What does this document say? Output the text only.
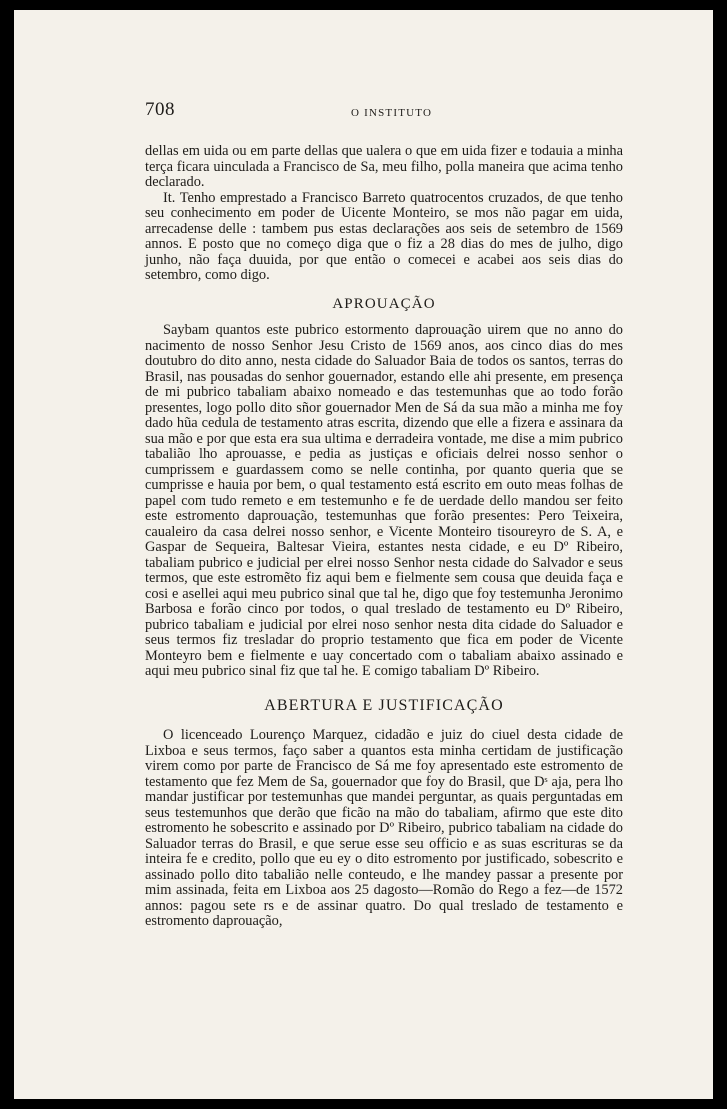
708	O INSTITUTO

dellas em uida ou em parte dellas que ualera o que em uida fizer e todauia a minha terça ficara uinculada a Francisco de Sa, meu filho, polla maneira que acima tenho declarado.

It. Tenho emprestado a Francisco Barreto quatrocentos cruzados, de que tenho seu conhecimento em poder de Uicente Monteiro, se mos não pagar em uida, arrecadense delle : tambem pus estas declarações aos seis de setembro de 1569 annos. E posto que no começo diga que o fiz a 28 dias do mes de julho, digo junho, não faça duuida, por que então o comecei e acabei aos seis dias do setembro, como digo.

APROUAÇÃO

Saybam quantos este pubrico estormento daprouação uirem que no anno do nacimento de nosso Senhor Jesu Cristo de 1569 anos, aos cinco dias do mes doutubro do dito anno, nesta cidade do Saluador Baia de todos os santos, terras do Brasil, nas pousadas do senhor gouernador, estando elle ahi presente, em presença de mi pubrico tabaliam abaixo nomeado e das testemunhas que ao todo forão presentes, logo pollo dito sñor gouernador Men de Sá da sua mão a minha me foy dado hũa cedula de testamento atras escrita, dizendo que elle a fizera e assinara da sua mão e por que esta era sua ultima e derradeira vontade, me dise a mim pubrico tabalião lho aprouasse, e pedia as justiças e oficiais delrei nosso senhor o cumprissem e guardassem como se nelle continha, por quanto queria que se cumprisse e hauia por bem, o qual testamento está escrito em outo meas folhas de papel com tudo remeto e em testemunho e fe de uerdade dello mandou ser feito este estromento daprouação, testemunhas que forão presentes: Pero Teixeira, caualeiro da casa delrei nosso senhor, e Vicente Monteiro tisoureyro de S. A, e Gaspar de Sequeira, Baltesar Vieira, estantes nesta cidade, e eu Dº Ribeiro, tabaliam pubrico e judicial per elrei nosso Senhor nesta cidade do Salvador e seus termos, que este estromẽto fiz aqui bem e fielmente sem cousa que deuida faça e cosi e asellei aqui meu pubrico sinal que tal he, digo que foy testemunha Jeronimo Barbosa e forão cinco por todos, o qual treslado de testamento eu Dº Ribeiro, pubrico tabaliam e judicial por elrei noso senhor nesta dita cidade do Saluador e seus termos fiz tresladar do proprio testamento que fica em poder de Vicente Monteyro bem e fielmente e uay concertado com o tabaliam abaixo assinado e aqui meu pubrico sinal fiz que tal he. E comigo tabaliam Dº Ribeiro.

ABERTURA E JUSTIFICAÇÃO

O licenceado Lourenço Marquez, cidadão e juiz do ciuel desta cidade de Lixboa e seus termos, faço saber a quantos esta minha certidam de justificação virem como por parte de Francisco de Sá me foy apresentado este estromento de testamento que fez Mem de Sa, gouernador que foy do Brasil, que Dˢ aja, pera lho mandar justificar por testemunhas que mandei perguntar, as quais perguntadas em seus testemunhos que derão que ficão na mão do tabaliam, afirmo que este dito estromento he sobescrito e assinado por Dº Ribeiro, pubrico tabaliam na cidade do Saluador terras do Brasil, e que serue esse seu officio e as suas escrituras se da inteira fe e credito, pollo que eu ey o dito estromento por justificado, sobescrito e assinado pollo dito tabalião nelle conteudo, e lhe mandey passar a presente por mim assinada, feita em Lixboa aos 25 dagosto—Romão do Rego a fez—de 1572 annos: pagou sete rs e de assinar quatro. Do qual treslado de testamento e estromento daprouação,
